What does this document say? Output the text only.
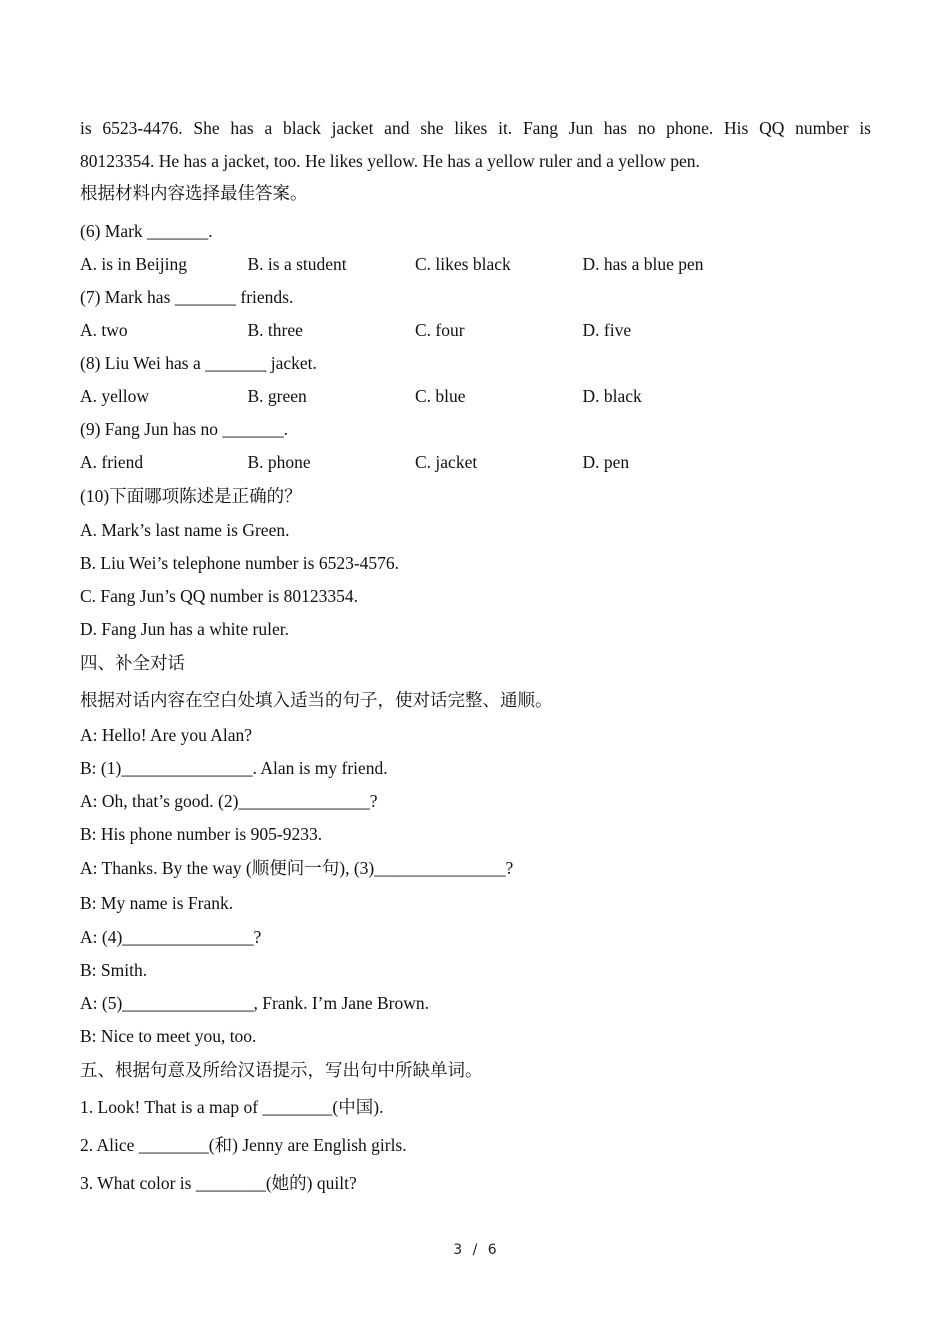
is 6523-4476. She has a black jacket and she likes it. Fang Jun has no phone. His QQ number is
80123354. He has a jacket, too. He likes yellow. He has a yellow ruler and a yellow pen.
根据材料内容选择最佳答案。
(6) Mark _______.
A. is in Beijing	B. is a student	C. likes black	D. has a blue pen
(7) Mark has _______ friends.
A. two	B. three	C. four	D. five
(8) Liu Wei has a _______ jacket.
A. yellow	B. green	C. blue	D. black
(9) Fang Jun has no _______.
A. friend	B. phone	C. jacket	D. pen
(10)下面哪项陈述是正确的？
A. Mark’s last name is Green.
B. Liu Wei’s telephone number is 6523-4576.
C. Fang Jun’s QQ number is 80123354.
D. Fang Jun has a white ruler.
四、补全对话
根据对话内容在空白处填入适当的句子，使对话完整、通顺。
A: Hello! Are you Alan?
B: (1)_______________. Alan is my friend.
A: Oh, that’s good. (2)_______________?
B: His phone number is 905-9233.
A: Thanks. By the way (顺便问一句), (3)_______________?
B: My name is Frank.
A: (4)_______________?
B: Smith.
A: (5)_______________, Frank. I’m Jane Brown.
B: Nice to meet you, too.
五、根据句意及所给汉语提示，写出句中所缺单词。
1. Look! That is a map of ________(中国).
2. Alice ________(和) Jenny are English girls.
3. What color is ________(她的) quilt?
3 / 6
